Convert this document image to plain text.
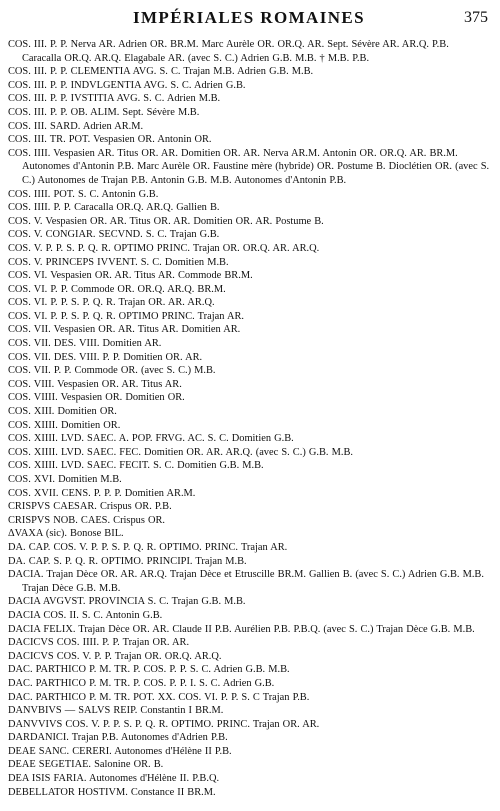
IMPÉRIALES ROMAINES	375
COS. III. P. P. Nerva AR. Adrien OR. BR.M. Marc Aurèle OR. OR.Q. AR. Sept. Sévère AR. AR.Q. P.B. Caracalla OR.Q. AR.Q. Elagabale AR. (avec S. C.) Adrien G.B. M.B. † M.B. P.B.
COS. III. P. P. CLEMENTIA AVG. S. C. Trajan M.B. Adrien G.B. M.B.
COS. III. P. P. INDVLGENTIA AVG. S. C. Adrien G.B.
COS. III. P. P. IVSTITIA AVG. S. C. Adrien M.B.
COS. III. P. P. OB. ALIM. Sept. Sévère M.B.
COS. III. SARD. Adrien AR.M.
COS. III. TR. POT. Vespasien OR. Antonin OR.
COS. IIII. Vespasien AR. Titus OR. AR. Domitien OR. AR. Nerva AR.M. Antonin OR. OR.Q. AR. BR.M. Autonomes d'Antonin P.B. Marc Aurèle OR. Faustine mère (hybride) OR. Postume B. Dioclétien OR. (avec S. C.) Autonomes de Trajan P.B. Antonin G.B. M.B. Autonomes d'Antonin P.B.
COS. IIII. POT. S. C. Antonin G.B.
COS. IIII. P. P. Caracalla OR.Q. AR.Q. Gallien B.
COS. V. Vespasien OR. AR. Titus OR. AR. Domitien OR. AR. Postume B.
COS. V. CONGIAR. SECVND. S. C. Trajan G.B.
COS. V. P. P. S. P. Q. R. OPTIMO PRINC. Trajan OR. OR.Q. AR. AR.Q.
COS. V. PRINCEPS IVVENT. S. C. Domitien M.B.
COS. VI. Vespasien OR. AR. Titus AR. Commode BR.M.
COS. VI. P. P. Commode OR. OR.Q. AR.Q. BR.M.
COS. VI. P. P. S. P. Q. R. Trajan OR. AR. AR.Q.
COS. VI. P. P. S. P. Q. R. OPTIMO PRINC. Trajan AR.
COS. VII. Vespasien OR. AR. Titus AR. Domitien AR.
COS. VII. DES. VIII. Domitien AR.
COS. VII. DES. VIII. P. P. Domitien OR. AR.
COS. VII. P. P. Commode OR. (avec S. C.) M.B.
COS. VIII. Vespasien OR. AR. Titus AR.
COS. VIIII. Vespasien OR. Domitien OR.
COS. XIII. Domitien OR.
COS. XIIII. Domitien OR.
COS. XIIII. LVD. SAEC. A. POP. FRVG. AC. S. C. Domitien G.B.
COS. XIIII. LVD. SAEC. FEC. Domitien OR. AR. AR.Q. (avec S. C.) G.B. M.B.
COS. XIIII. LVD. SAEC. FECIT. S. C. Domitien G.B. M.B.
COS. XVI. Domitien M.B.
COS. XVII. CENS. P. P. P. Domitien AR.M.
CRISPVS CAESAR. Crispus OR. P.B.
CRISPVS NOB. CAES. Crispus OR.
ΔVAXA (sic). Bonose BIL.
DA. CAP. COS. V. P. P. S. P. Q. R. OPTIMO. PRINC. Trajan AR.
DA. CAP. S. P. Q. R. OPTIMO. PRINCIPI. Trajan M.B.
DACIA. Trajan Dèce OR. AR. AR.Q. Trajan Dèce et Etruscille BR.M. Gallien B. (avec S. C.) Adrien G.B. M.B. Trajan Dèce G.B. M.B.
DACIA AVGVST. PROVINCIA S. C. Trajan G.B. M.B.
DACIA COS. II. S. C. Antonin G.B.
DACIA FELIX. Trajan Dèce OR. AR. Claude II P.B. Aurélien P.B. P.B.Q. (avec S. C.) Trajan Dèce G.B. M.B.
DACICVS COS. IIII. P. P. Trajan OR. AR.
DACICVS COS. V. P. P. Trajan OR. OR.Q. AR.Q.
DAC. PARTHICO P. M. TR. P. COS. P. P. S. C. Adrien G.B. M.B.
DAC. PARTHICO P. M. TR. P. COS. P. P. I. S. C. Adrien G.B.
DAC. PARTHICO P. M. TR. POT. XX. COS. VI. P. P. S. C Trajan P.B.
DANVBIVS — SALVS REIP. Constantin I BR.M.
DANVVIVS COS. V. P. P. S. P. Q. R. OPTIMO. PRINC. Trajan OR. AR.
DARDANICI. Trajan P.B. Autonomes d'Adrien P.B.
DEAE SANC. CERERI. Autonomes d'Hélène II P.B.
DEAE SEGETIAE. Salonine OR. B.
DEA ISIS FARIA. Autonomes d'Hélène II. P.B.Q.
DEBELLATOR HOSTIVM. Constance II BR.M.
